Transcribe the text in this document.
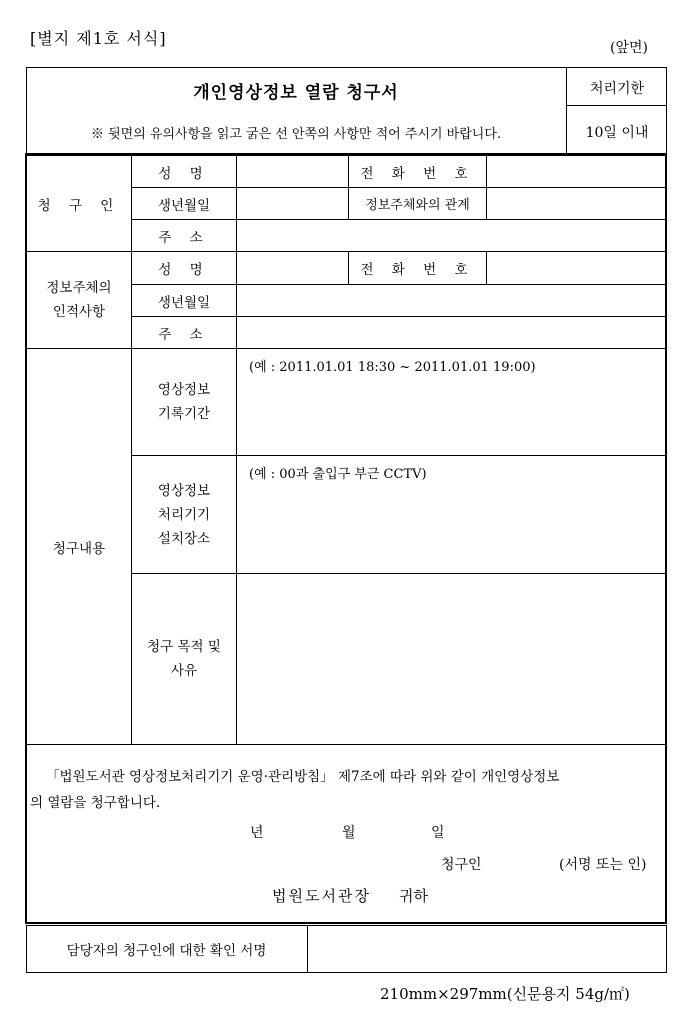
[별지 제1호 서식]	(앞면)
개인영상정보 열람 청구서
※ 뒷면의 유의사항을 읽고 굵은 선 안쪽의 사항만 적어 주시기 바랍니다.
처리기한
10일 이내
청 구 인	성 명		전 화 번 호	
	생년월일		정보주체와의 관계	
	주 소			
정보주체의
인적사항	성 명		전 화 번 호	
	생년월일			
	주 소			
청구내용	영상정보
기록기간	(예 : 2011.01.01 18:30 ~ 2011.01.01 19:00)		
	영상정보
처리기기
설치장소	(예 : 00과 출입구 부근 CCTV)		
	청구 목적 및
사유			
「법원도서관 영상정보처리기기 운영·관리방침」 제7조에 따라 위와 같이 개인영상정보
의 열람을 청구합니다.
년	월	일
청구인	(서명 또는 인)
법원도서관장 귀하
담당자의 청구인에 대한 확인 서명
210mm×297mm(신문용지 54g/㎡)
